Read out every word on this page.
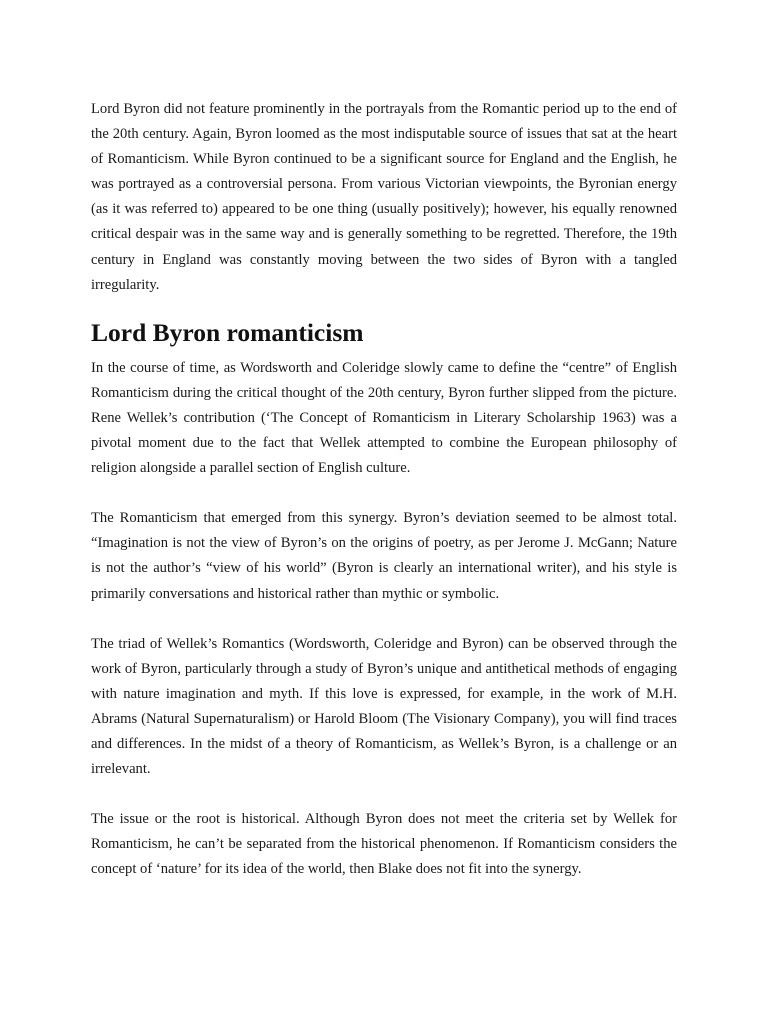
Lord Byron did not feature prominently in the portrayals from the Romantic period up to the end of the 20th century. Again, Byron loomed as the most indisputable source of issues that sat at the heart of Romanticism. While Byron continued to be a significant source for England and the English, he was portrayed as a controversial persona. From various Victorian viewpoints, the Byronian energy (as it was referred to) appeared to be one thing (usually positively); however, his equally renowned critical despair was in the same way and is generally something to be regretted. Therefore, the 19th century in England was constantly moving between the two sides of Byron with a tangled irregularity.

Lord Byron romanticism

In the course of time, as Wordsworth and Coleridge slowly came to define the “centre” of English Romanticism during the critical thought of the 20th century, Byron further slipped from the picture. Rene Wellek’s contribution (‘The Concept of Romanticism in Literary Scholarship 1963) was a pivotal moment due to the fact that Wellek attempted to combine the European philosophy of religion alongside a parallel section of English culture.

The Romanticism that emerged from this synergy. Byron’s deviation seemed to be almost total. “Imagination is not the view of Byron’s on the origins of poetry, as per Jerome J. McGann; Nature is not the author’s “view of his world” (Byron is clearly an international writer), and his style is primarily conversations and historical rather than mythic or symbolic.

The triad of Wellek’s Romantics (Wordsworth, Coleridge and Byron) can be observed through the work of Byron, particularly through a study of Byron’s unique and antithetical methods of engaging with nature imagination and myth. If this love is expressed, for example, in the work of M.H. Abrams (Natural Supernaturalism) or Harold Bloom (The Visionary Company), you will find traces and differences. In the midst of a theory of Romanticism, as Wellek’s Byron, is a challenge or an irrelevant.

The issue or the root is historical. Although Byron does not meet the criteria set by Wellek for Romanticism, he can’t be separated from the historical phenomenon. If Romanticism considers the concept of ‘nature’ for its idea of the world, then Blake does not fit into the synergy.
